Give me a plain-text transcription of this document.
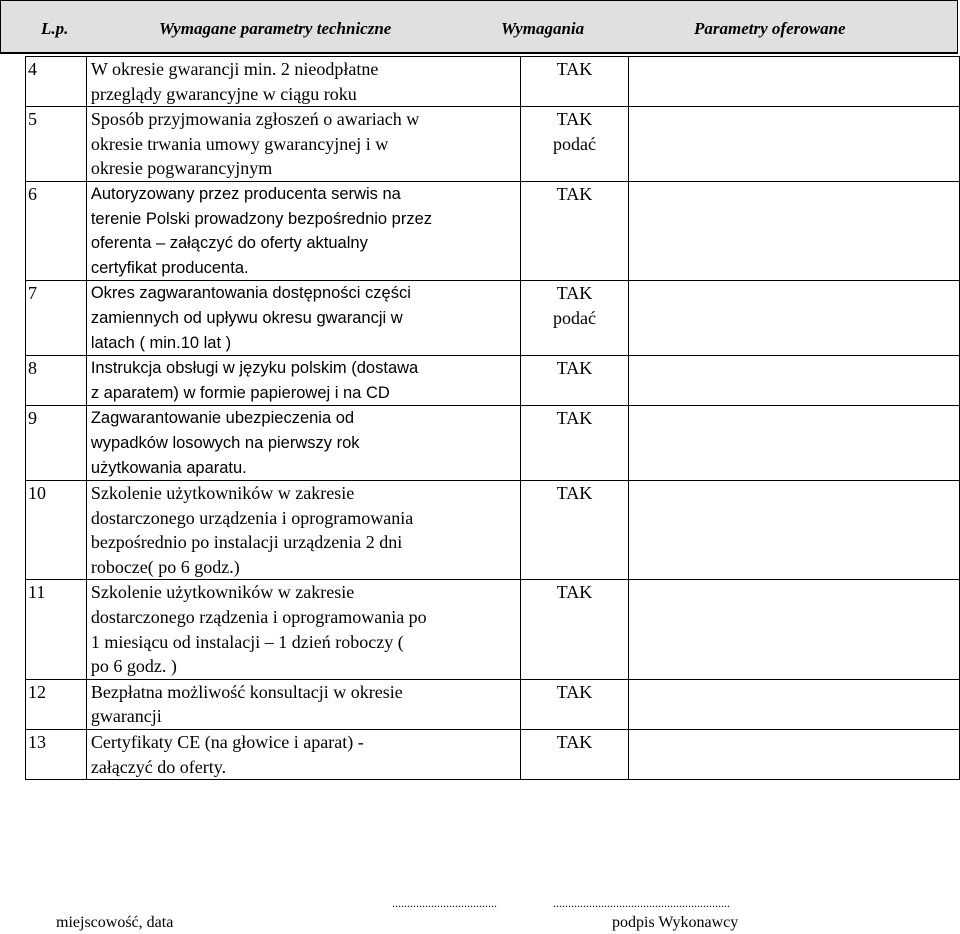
L.p.	Wymagane parametry techniczne	Wymagania	Parametry oferowane
4	W okresie gwarancji min. 2 nieodpłatne
przeglądy gwarancyjne w ciągu roku	TAK	
5	Sposób przyjmowania zgłoszeń o awariach w
okresie trwania umowy gwarancyjnej i w
okresie pogwarancyjnym	TAK
podać	
6	Autoryzowany przez producenta serwis na
terenie Polski prowadzony bezpośrednio przez
oferenta – załączyć do oferty aktualny
certyfikat producenta.	TAK	
7	Okres zagwarantowania dostępności części
zamiennych od upływu okresu gwarancji w
latach ( min.10 lat )	TAK
podać	
8	Instrukcja obsługi w języku polskim (dostawa
z aparatem) w formie papierowej i na CD	TAK	
9	Zagwarantowanie ubezpieczenia od
wypadków losowych na pierwszy rok
użytkowania aparatu.	TAK	
10	Szkolenie użytkowników w zakresie
dostarczonego urządzenia i oprogramowania
bezpośrednio po instalacji urządzenia 2 dni
robocze( po 6 godz.)	TAK	
11	Szkolenie użytkowników w zakresie
dostarczonego rządzenia i oprogramowania po
1 miesiącu od instalacji – 1 dzień roboczy (
po 6 godz. )	TAK	
12	Bezpłatna możliwość konsultacji w okresie
gwarancji	TAK	
13	Certyfikaty CE (na głowice i aparat) -
załączyć do oferty.	TAK	
...................................	...........................................................
miejscowość, data	podpis Wykonawcy
